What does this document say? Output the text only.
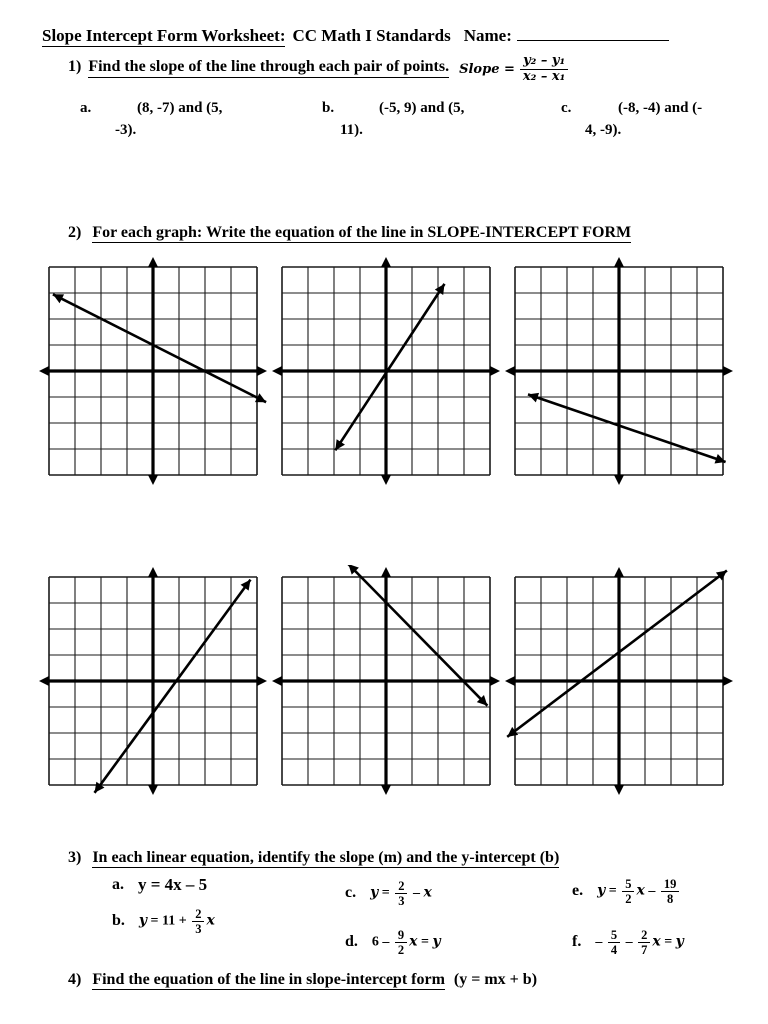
Slope Intercept Form Worksheet: CC Math I Standards Name:
1) Find the slope of the line through each pair of points. Slope = $\frac{\text{y₂ – y₁}}{\text{x₂ – x₁}}$
a.	(8, -7) and (5,
-3).
b.	(-5, 9) and (5,
11).
c.	(-8, -4) and (-
4, -9).
2) For each graph: Write the equation of the line in SLOPE-INTERCEPT FORM
3) In each linear equation, identify the slope (m) and the y-intercept (b)
a. y = 4x – 5
b. $y = 11 + \frac{2}{3}$ x
c. $y = \frac{2}{3} - x$
d. $6 - \frac{9}{2}$ x = y
e. $y = \frac{5}{2}$ x – $\frac{19}{8}$
f. – $\frac{5}{4} - \frac{2}{7}$ x = y
4) Find the equation of the line in slope-intercept form (y = mx + b)
